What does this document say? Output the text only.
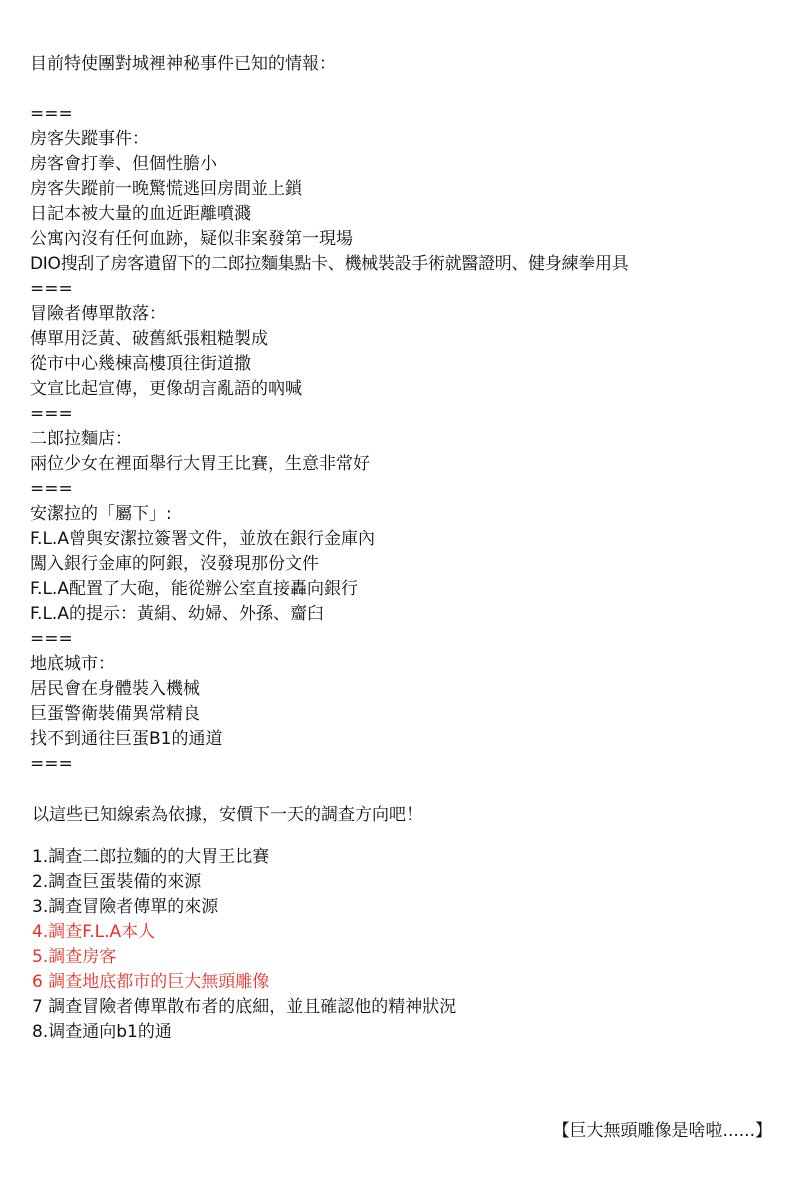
目前特使團對城裡神秘事件已知的情報：
===
房客失蹤事件：
房客會打拳、但個性膽小
房客失蹤前一晚驚慌逃回房間並上鎖
日記本被大量的血近距離噴濺
公寓內沒有任何血跡，疑似非案發第一現場
DIO搜刮了房客遺留下的二郎拉麵集點卡、機械裝設手術就醫證明、健身練拳用具
===
冒險者傳單散落：
傳單用泛黃、破舊紙張粗糙製成
從市中心幾棟高樓頂往街道撒
文宣比起宣傳，更像胡言亂語的吶喊
===
二郎拉麵店：
兩位少女在裡面舉行大胃王比賽，生意非常好
===
安潔拉的「屬下」:
F.L.A曾與安潔拉簽署文件，並放在銀行金庫內
闖入銀行金庫的阿銀，沒發現那份文件
F.L.A配置了大砲，能從辦公室直接轟向銀行
F.L.A的提示：黃絹、幼婦、外孫、齏臼
===
地底城市：
居民會在身體裝入機械
巨蛋警衛裝備異常精良
找不到通往巨蛋B1的通道
===
以這些已知線索為依據，安價下一天的調查方向吧！
1.調查二郎拉麵的的大胃王比賽
2.調查巨蛋裝備的來源
3.調查冒險者傳單的來源
4.調查F.L.A本人
5.調查房客
6 調查地底都市的巨大無頭雕像
7 調查冒險者傳單散布者的底細，並且確認他的精神狀況
8.调查通向b1的通
【巨大無頭雕像是啥啦......】
